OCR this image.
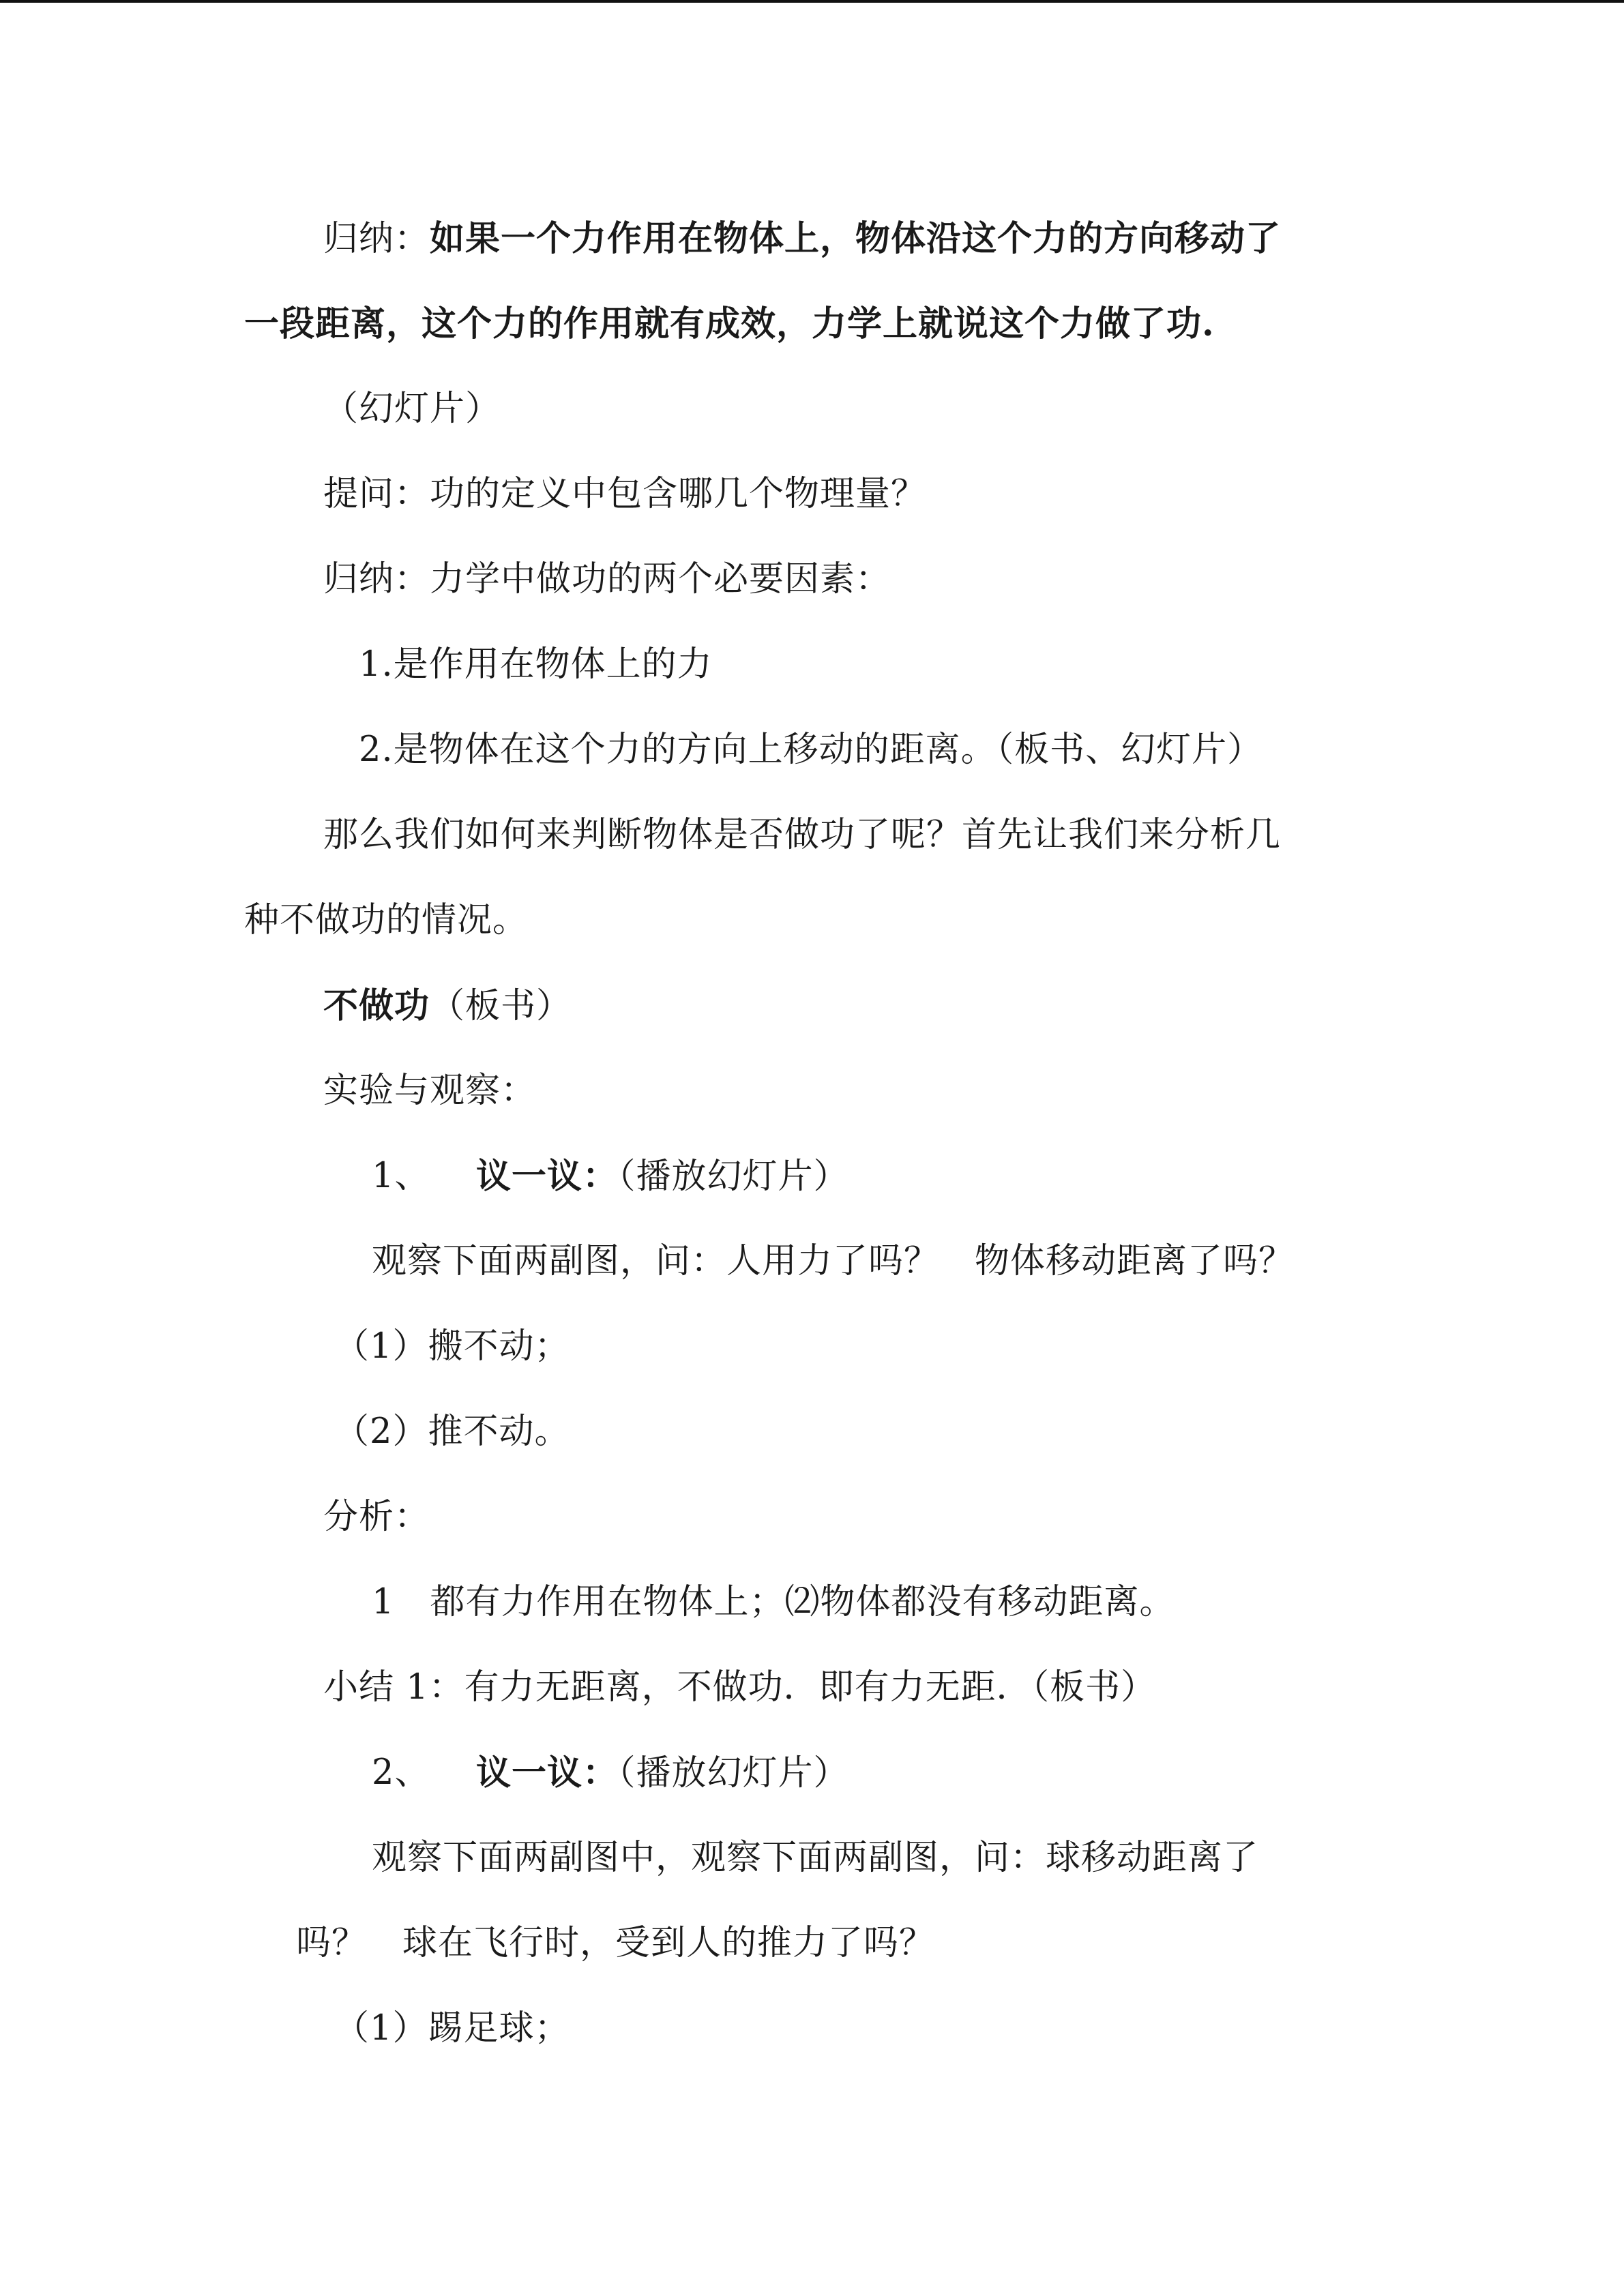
归纳：如果一个力作用在物体上，物体沿这个力的方向移动了
一段距离，这个力的作用就有成效，力学上就说这个力做了功.
（幻灯片）
提问：功的定义中包含哪几个物理量？
归纳：力学中做功的两个必要因素：
1.是作用在物体上的力
2.是物体在这个力的方向上移动的距离。（板书、幻灯片）
那么我们如何来判断物体是否做功了呢？首先让我们来分析几
种不做功的情况。
不做功（板书）
实验与观察：
1、 议一议：（播放幻灯片）
观察下面两副图，问：人用力了吗？　物体移动距离了吗？
（1）搬不动；
（2）推不动。
分析：
1　都有力作用在物体上；⑵物体都没有移动距离。
小结 1：有力无距离，不做功．即有力无距．（板书）
2、 议一议：（播放幻灯片）
观察下面两副图中，观察下面两副图，问：球移动距离了
吗？　球在飞行时，受到人的推力了吗？
（1）踢足球；
